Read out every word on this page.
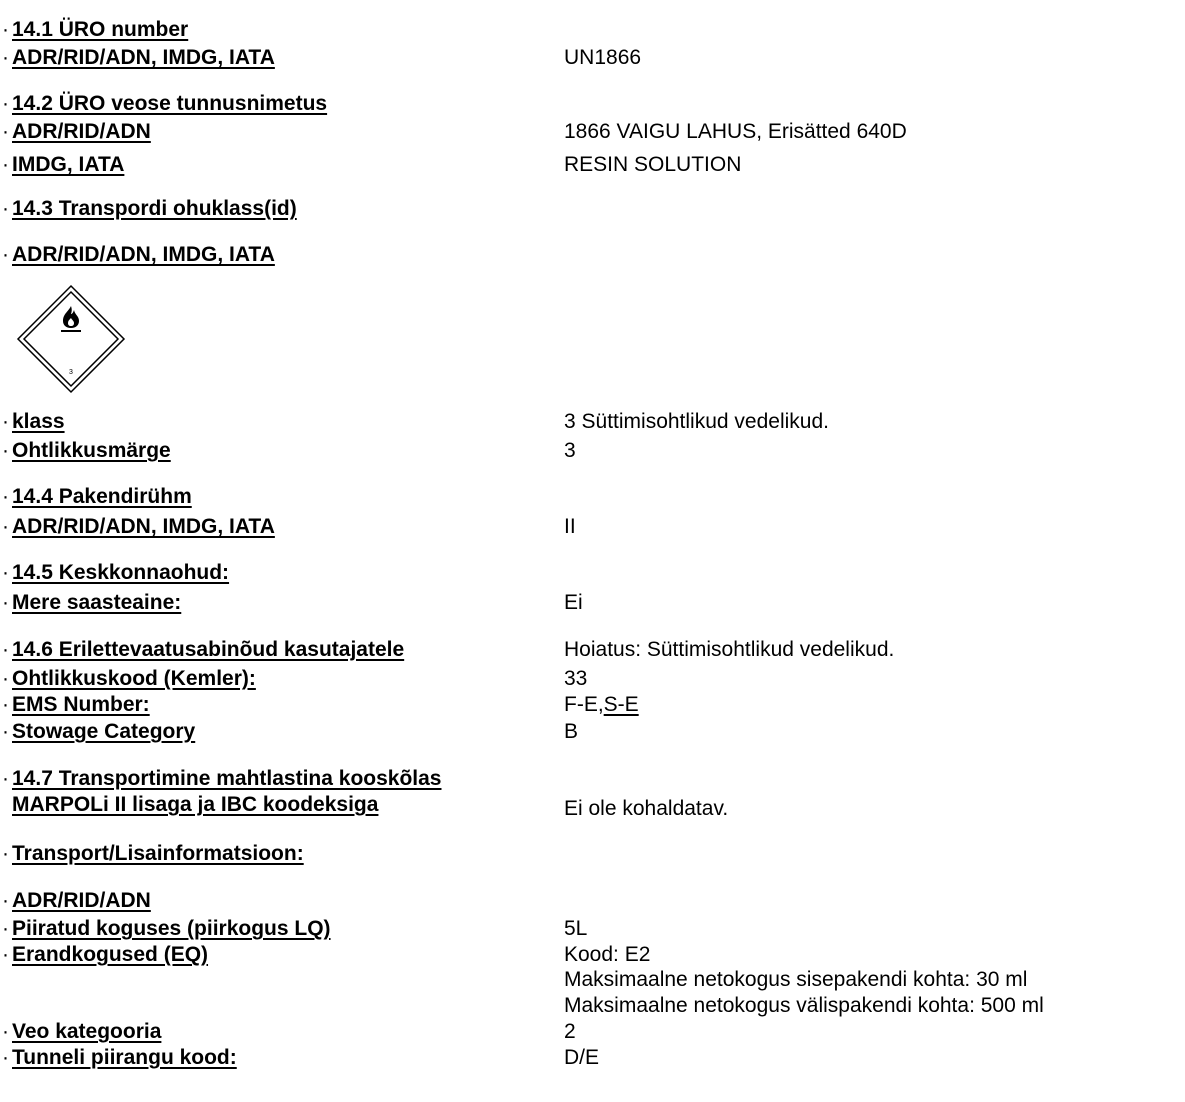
· 14.1 ÜRO number
· ADR/RID/ADN, IMDG, IATA	UN1866
· 14.2 ÜRO veose tunnusnimetus
· ADR/RID/ADN	1866 VAIGU LAHUS, Erisätted 640D
· IMDG, IATA	RESIN SOLUTION
· 14.3 Transpordi ohuklass(id)
· ADR/RID/ADN, IMDG, IATA
3
· klass	3 Süttimisohtlikud vedelikud.
· Ohtlikkusmärge	3
· 14.4 Pakendirühm
· ADR/RID/ADN, IMDG, IATA	II
· 14.5 Keskkonnaohud:
· Mere saasteaine:	Ei
· 14.6 Erilettevaatusabinõud kasutajatele	Hoiatus: Süttimisohtlikud vedelikud.
· Ohtlikkuskood (Kemler):	33
· EMS Number:	F-E,S-E
· Stowage Category	B
· 14.7 Transportimine mahtlastina kooskõlas
MARPOLi II lisaga ja IBC koodeksiga	Ei ole kohaldatav.
· Transport/Lisainformatsioon:
· ADR/RID/ADN
· Piiratud koguses (piirkogus LQ)	5L
· Erandkogused (EQ)	Kood: E2
Maksimaalne netokogus sisepakendi kohta: 30 ml
Maksimaalne netokogus välispakendi kohta: 500 ml
· Veo kategooria	2
· Tunneli piirangu kood:	D/E
